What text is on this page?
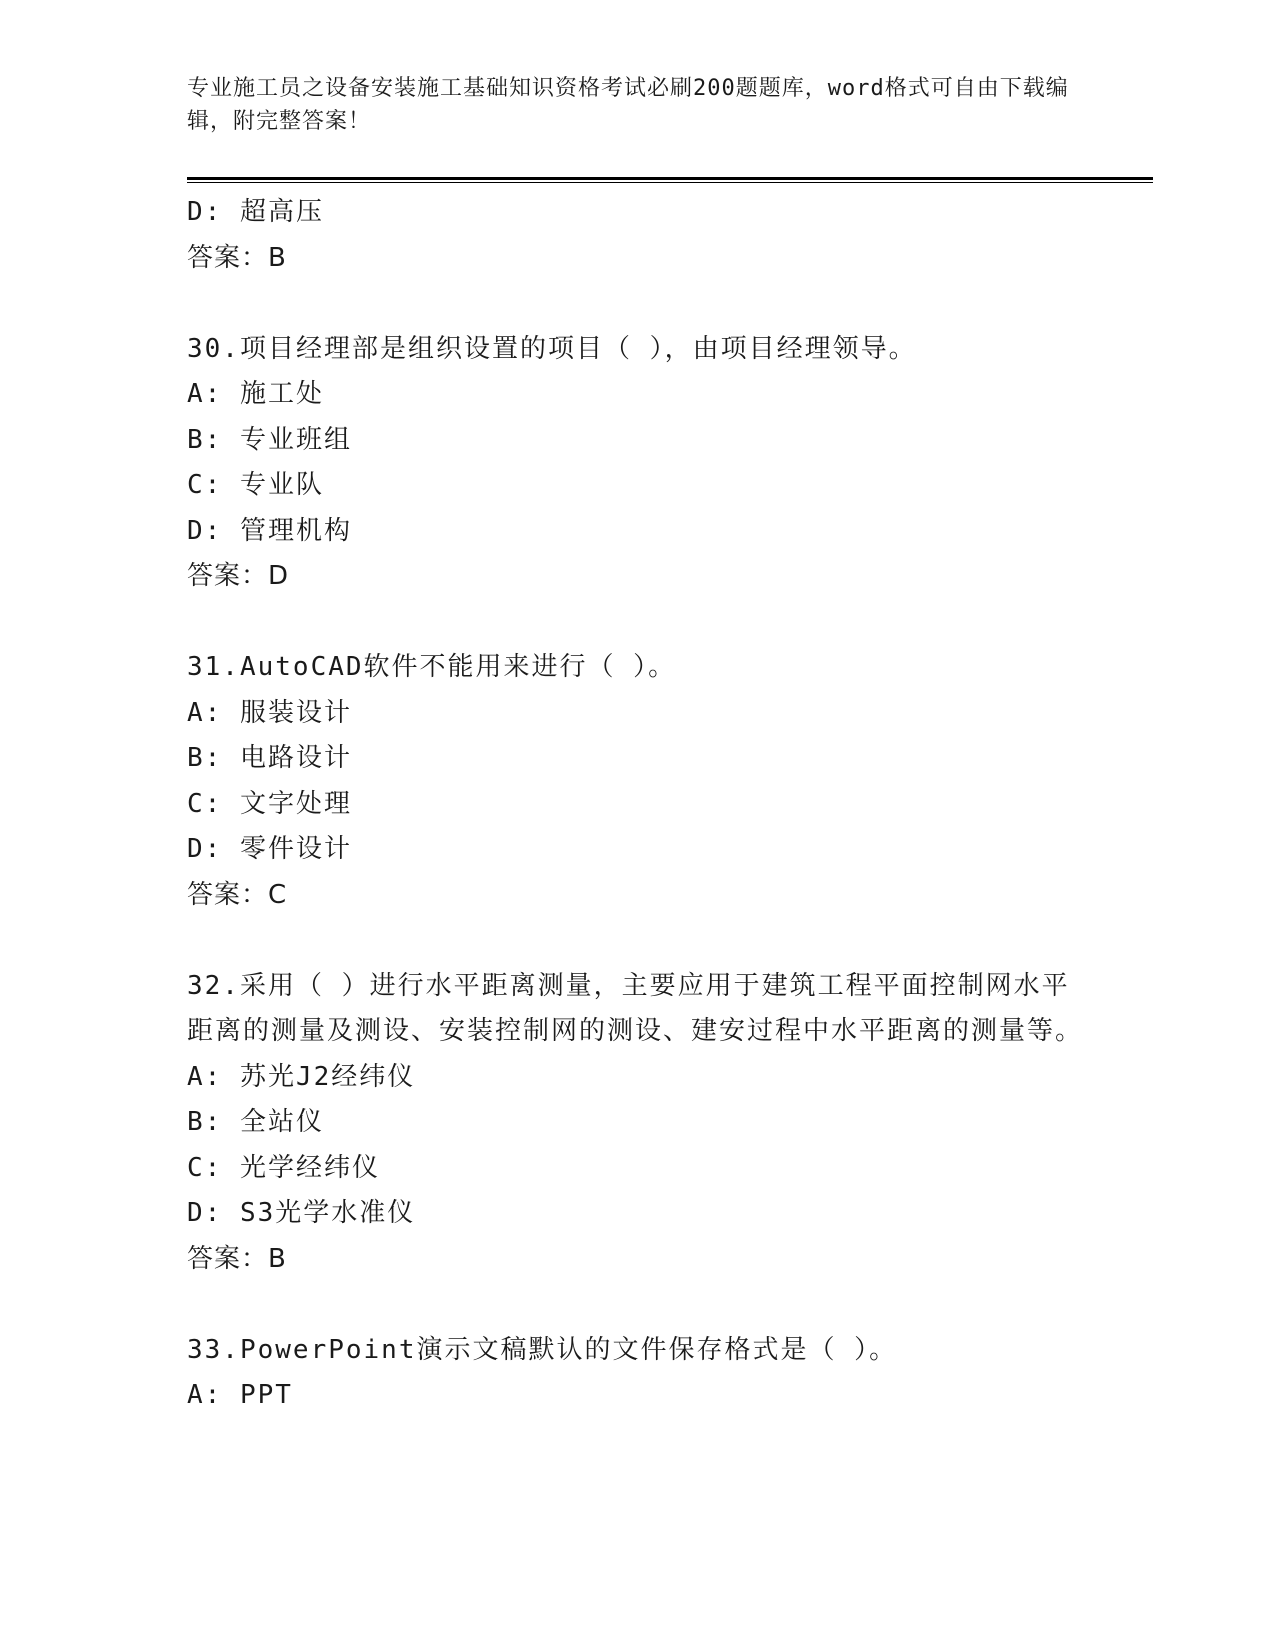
专业施工员之设备安装施工基础知识资格考试必刷200题题库，word格式可自由下载编辑，附完整答案！
D: 超高压
答案：B
30.项目经理部是组织设置的项目（ ），由项目经理领导。
A: 施工处
B: 专业班组
C: 专业队
D: 管理机构
答案：D
31.AutoCAD软件不能用来进行（ ）。
A: 服装设计
B: 电路设计
C: 文字处理
D: 零件设计
答案：C
32.采用（ ）进行水平距离测量，主要应用于建筑工程平面控制网水平距离的测量及测设、安装控制网的测设、建安过程中水平距离的测量等。
A: 苏光J2经纬仪
B: 全站仪
C: 光学经纬仪
D: S3光学水准仪
答案：B
33.PowerPoint演示文稿默认的文件保存格式是（ ）。
A: PPT
